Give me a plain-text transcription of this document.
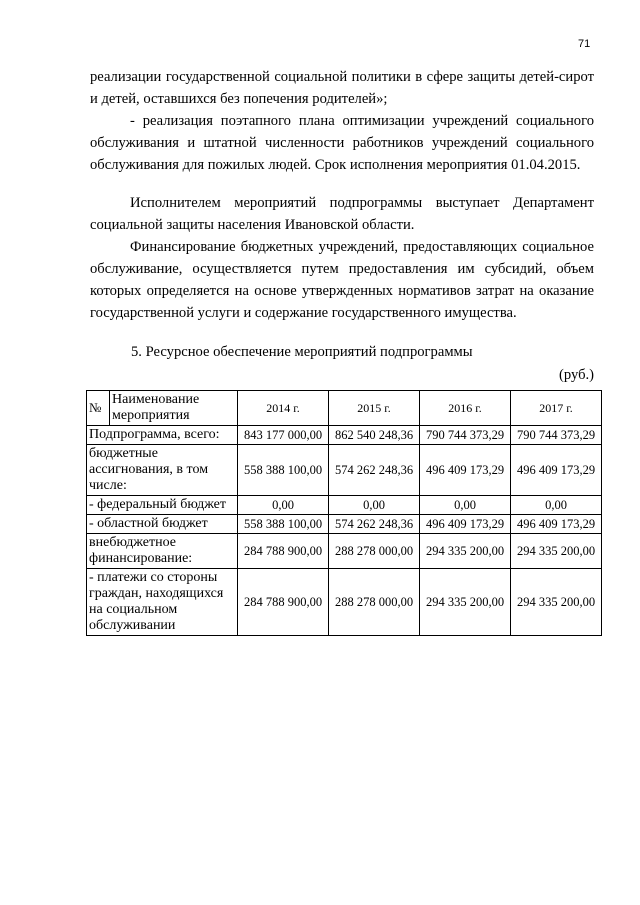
71

реализации государственной социальной политики в сфере защиты детей-сирот и детей, оставшихся без попечения родителей»;

- реализация поэтапного плана оптимизации учреждений социального обслуживания и штатной численности работников учреждений социального обслуживания для пожилых людей. Срок исполнения мероприятия 01.04.2015.

Исполнителем мероприятий подпрограммы выступает Департамент социальной защиты населения Ивановской области.

Финансирование бюджетных учреждений, предоставляющих социальное обслуживание, осуществляется путем предоставления им субсидий, объем которых определяется на основе утвержденных нормативов затрат на оказание государственной услуги и содержание государственного имущества.

5. Ресурсное обеспечение мероприятий подпрограммы
(руб.)
№	Наименование мероприятия	2014 г.	2015 г.	2016 г.	2017 г.
Подпрограмма, всего:		843 177 000,00	862 540 248,36	790 744 373,29	790 744 373,29
бюджетные ассигнования, в том числе:		558 388 100,00	574 262 248,36	496 409 173,29	496 409 173,29
- федеральный бюджет		0,00	0,00	0,00	0,00
- областной бюджет		558 388 100,00	574 262 248,36	496 409 173,29	496 409 173,29
внебюджетное финансирование:		284 788 900,00	288 278 000,00	294 335 200,00	294 335 200,00
- платежи со стороны граждан, находящихся на социальном обслуживании		284 788 900,00	288 278 000,00	294 335 200,00	294 335 200,00
